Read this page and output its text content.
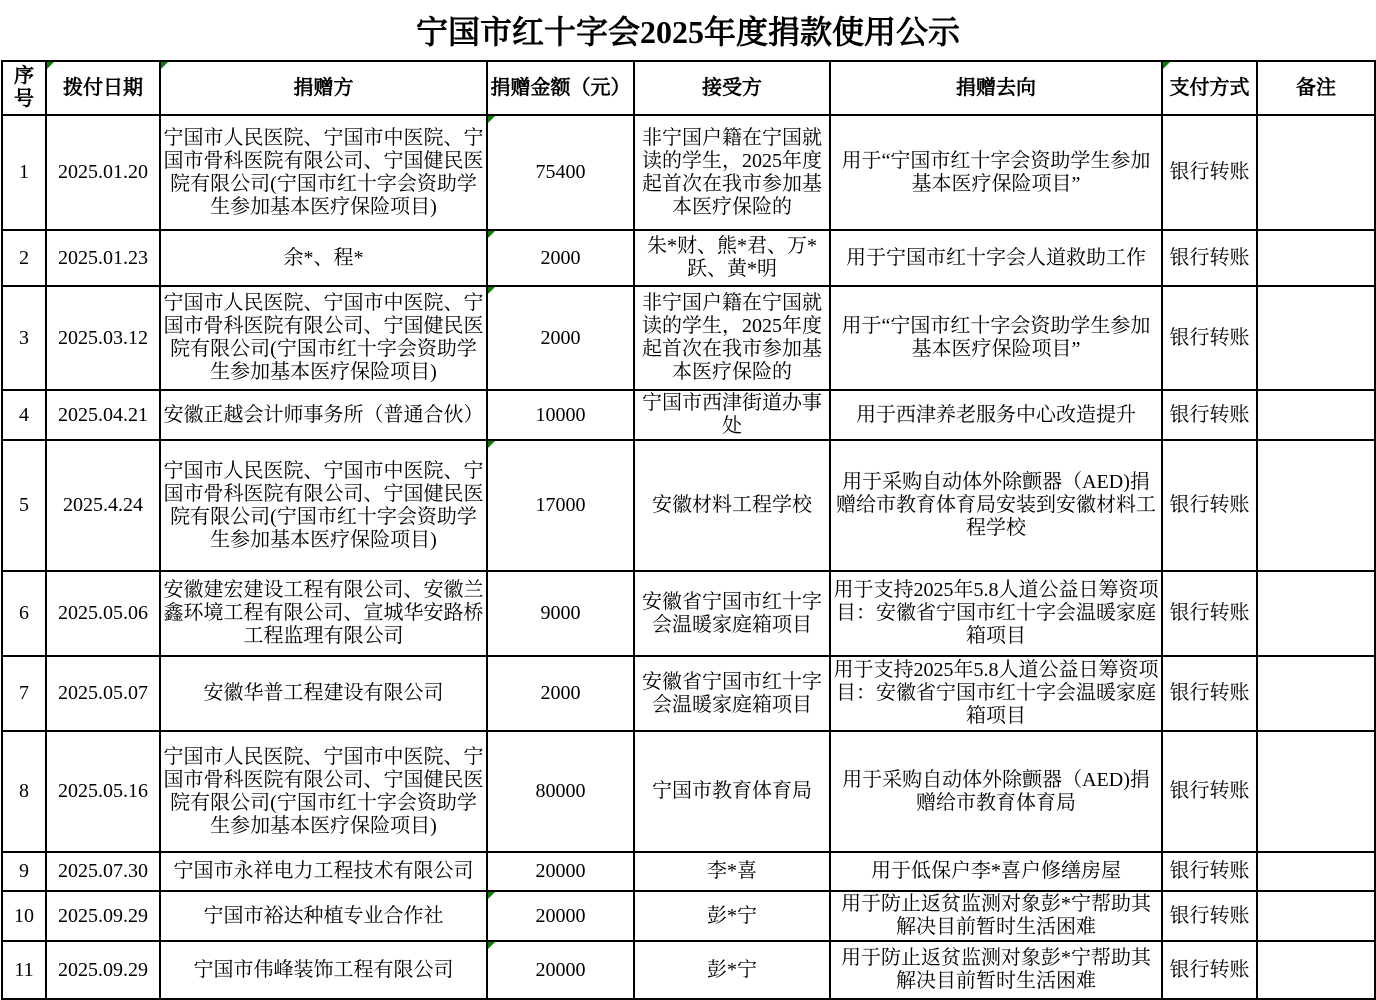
宁国市红十字会2025年度捐款使用公示
序号	拨付日期	捐赠方	捐赠金额（元）	接受方	捐赠去向	支付方式	备注
1	2025.01.20	宁国市人民医院、宁国市中医院、宁国市骨科医院有限公司、宁国健民医院有限公司(宁国市红十字会资助学生参加基本医疗保险项目)	75400	非宁国户籍在宁国就读的学生，2025年度起首次在我市参加基本医疗保险的	用于“宁国市红十字会资助学生参加基本医疗保险项目”	银行转账	
2	2025.01.23	余*、程*	2000	朱*财、熊*君、万*跃、黄*明	用于宁国市红十字会人道救助工作	银行转账	
3	2025.03.12	宁国市人民医院、宁国市中医院、宁国市骨科医院有限公司、宁国健民医院有限公司(宁国市红十字会资助学生参加基本医疗保险项目)	2000	非宁国户籍在宁国就读的学生，2025年度起首次在我市参加基本医疗保险的	用于“宁国市红十字会资助学生参加基本医疗保险项目”	银行转账	
4	2025.04.21	安徽正越会计师事务所（普通合伙）	10000	宁国市西津街道办事处	用于西津养老服务中心改造提升	银行转账	
5	2025.4.24	宁国市人民医院、宁国市中医院、宁国市骨科医院有限公司、宁国健民医院有限公司(宁国市红十字会资助学生参加基本医疗保险项目)	17000	安徽材料工程学校	用于采购自动体外除颤器（AED)捐赠给市教育体育局安装到安徽材料工程学校	银行转账	
6	2025.05.06	安徽建宏建设工程有限公司、安徽兰鑫环境工程有限公司、宣城华安路桥工程监理有限公司	9000	安徽省宁国市红十字会温暖家庭箱项目	用于支持2025年5.8人道公益日筹资项目：安徽省宁国市红十字会温暖家庭箱项目	银行转账	
7	2025.05.07	安徽华普工程建设有限公司	2000	安徽省宁国市红十字会温暖家庭箱项目	用于支持2025年5.8人道公益日筹资项目：安徽省宁国市红十字会温暖家庭箱项目	银行转账	
8	2025.05.16	宁国市人民医院、宁国市中医院、宁国市骨科医院有限公司、宁国健民医院有限公司(宁国市红十字会资助学生参加基本医疗保险项目)	80000	宁国市教育体育局	用于采购自动体外除颤器（AED)捐赠给市教育体育局	银行转账	
9	2025.07.30	宁国市永祥电力工程技术有限公司	20000	李*喜	用于低保户李*喜户修缮房屋	银行转账	
10	2025.09.29	宁国市裕达种植专业合作社	20000	彭*宁	用于防止返贫监测对象彭*宁帮助其解决目前暂时生活困难	银行转账	
11	2025.09.29	宁国市伟峰装饰工程有限公司	20000	彭*宁	用于防止返贫监测对象彭*宁帮助其解决目前暂时生活困难	银行转账	
